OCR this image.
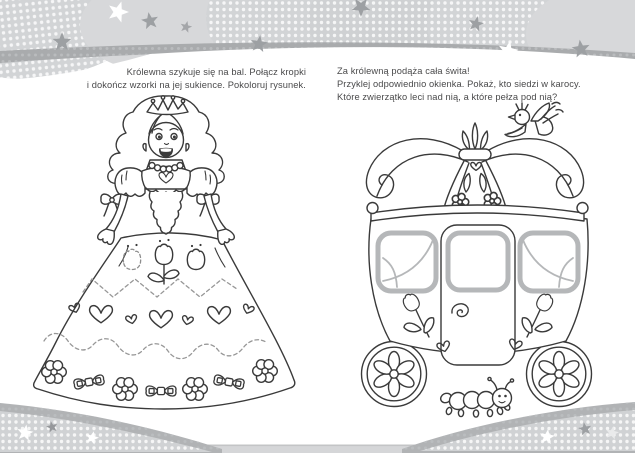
Królewna szykuje się na bal. Połącz kropki
i dokończ wzorki na jej sukience. Pokoloruj rysunek.
Za królewną podąża cała świta!
Przyklej odpowiednio okienka. Pokaż, kto siedzi w karocy.
Które zwierzątko leci nad nią, a które pełza pod nią?
